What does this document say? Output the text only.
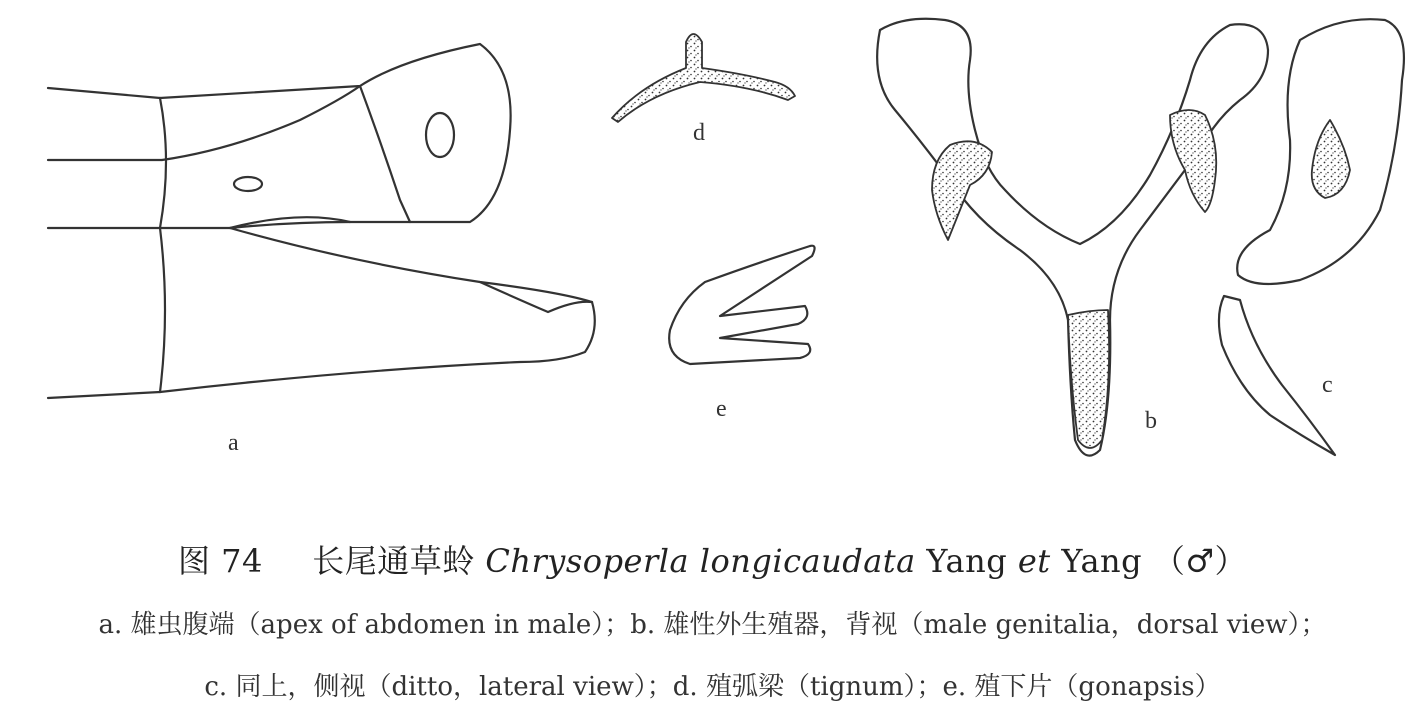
a
d
e	b
c
图 74 长尾通草蛉 Chrysoperla longicaudata Yang et Yang （♂）
a. 雄虫腹端（apex of abdomen in male）；b. 雄性外生殖器，背视（male genitalia，dorsal view）；
c. 同上，侧视（ditto，lateral view）；d. 殖弧梁（tignum）；e. 殖下片（gonapsis）
